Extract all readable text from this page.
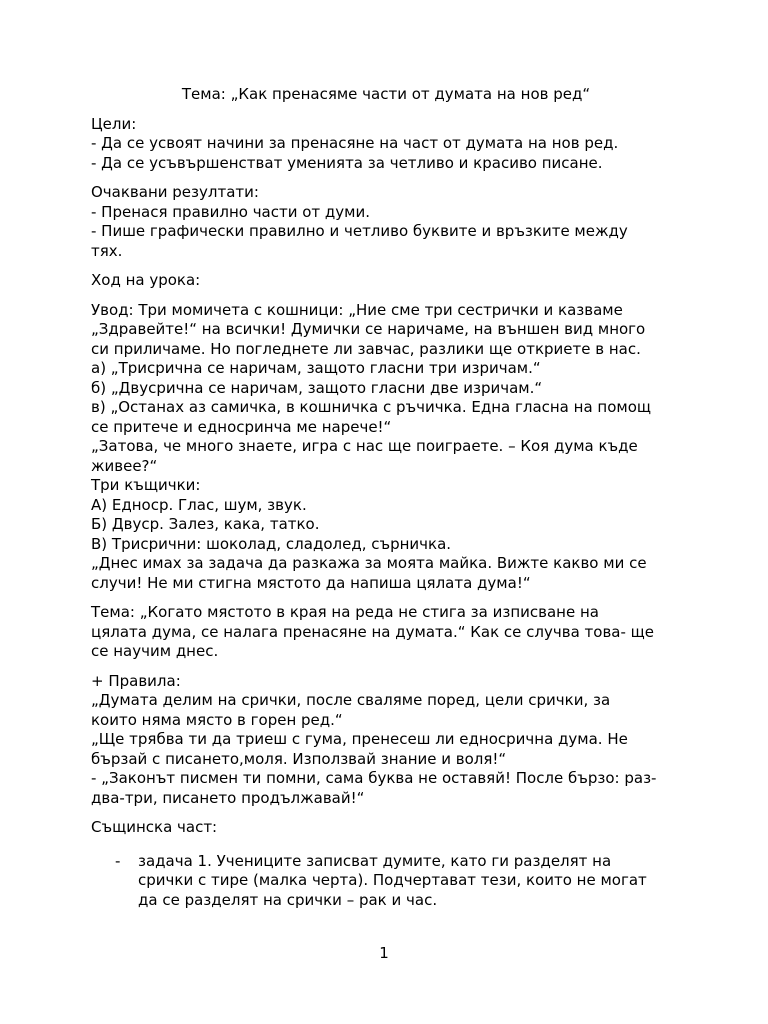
Тема: „Как пренасяме части от думата на нов ред“
Цели:
- Да се усвоят начини за пренасяне на част от думата на нов ред.
- Да се усъвършенстват уменията за четливо и красиво писане.
Очаквани резултати:
- Пренася правилно части от думи.
- Пише графически правилно и четливо буквите и връзките между
тях.
Ход на урока:
Увод: Три момичета с кошници: „Ние сме три сестрички и казваме
„Здравейте!“ на всички! Думички се наричаме, на външен вид много
си приличаме. Но погледнете ли завчас, разлики ще откриете в нас.
а) „Трисрична се наричам, защото гласни три изричам.“
б) „Двусрична се наричам, защото гласни две изричам.“
в) „Останах аз самичка, в кошничка с ръчичка. Една гласна на помощ
се притече и едносринча ме нарече!“
„Затова, че много знаете, игра с нас ще поиграете. – Коя дума къде
живее?“
Три къщички:
А) Едноср. Глас, шум, звук.
Б) Двуср. Залез, кака, татко.
В) Трисрични: шоколад, сладолед, сърничка.
„Днес имах за задача да разкажа за моята майка. Вижте какво ми се
случи! Не ми стигна мястото да напиша цялата дума!“
Тема: „Когато мястото в края на реда не стига за изписване на
цялата дума, се налага пренасяне на думата.“ Как се случва това- ще
се научим днес.
+ Правила:
„Думата делим на срички, после сваляме поред, цели срички, за
които няма място в горен ред.“
„Ще трябва ти да триеш с гума, пренесеш ли едносрична дума. Не
бързай с писането,моля. Използвай знание и воля!“
- „Законът писмен ти помни, сама буква не оставяй! После бързо: раз-
два-три, писането продължавай!“
Същинска част:
- задача 1. Учениците записват думите, като ги разделят на
срички с тире (малка черта). Подчертават тези, които не могат
да се разделят на срички – рак и час.
1
